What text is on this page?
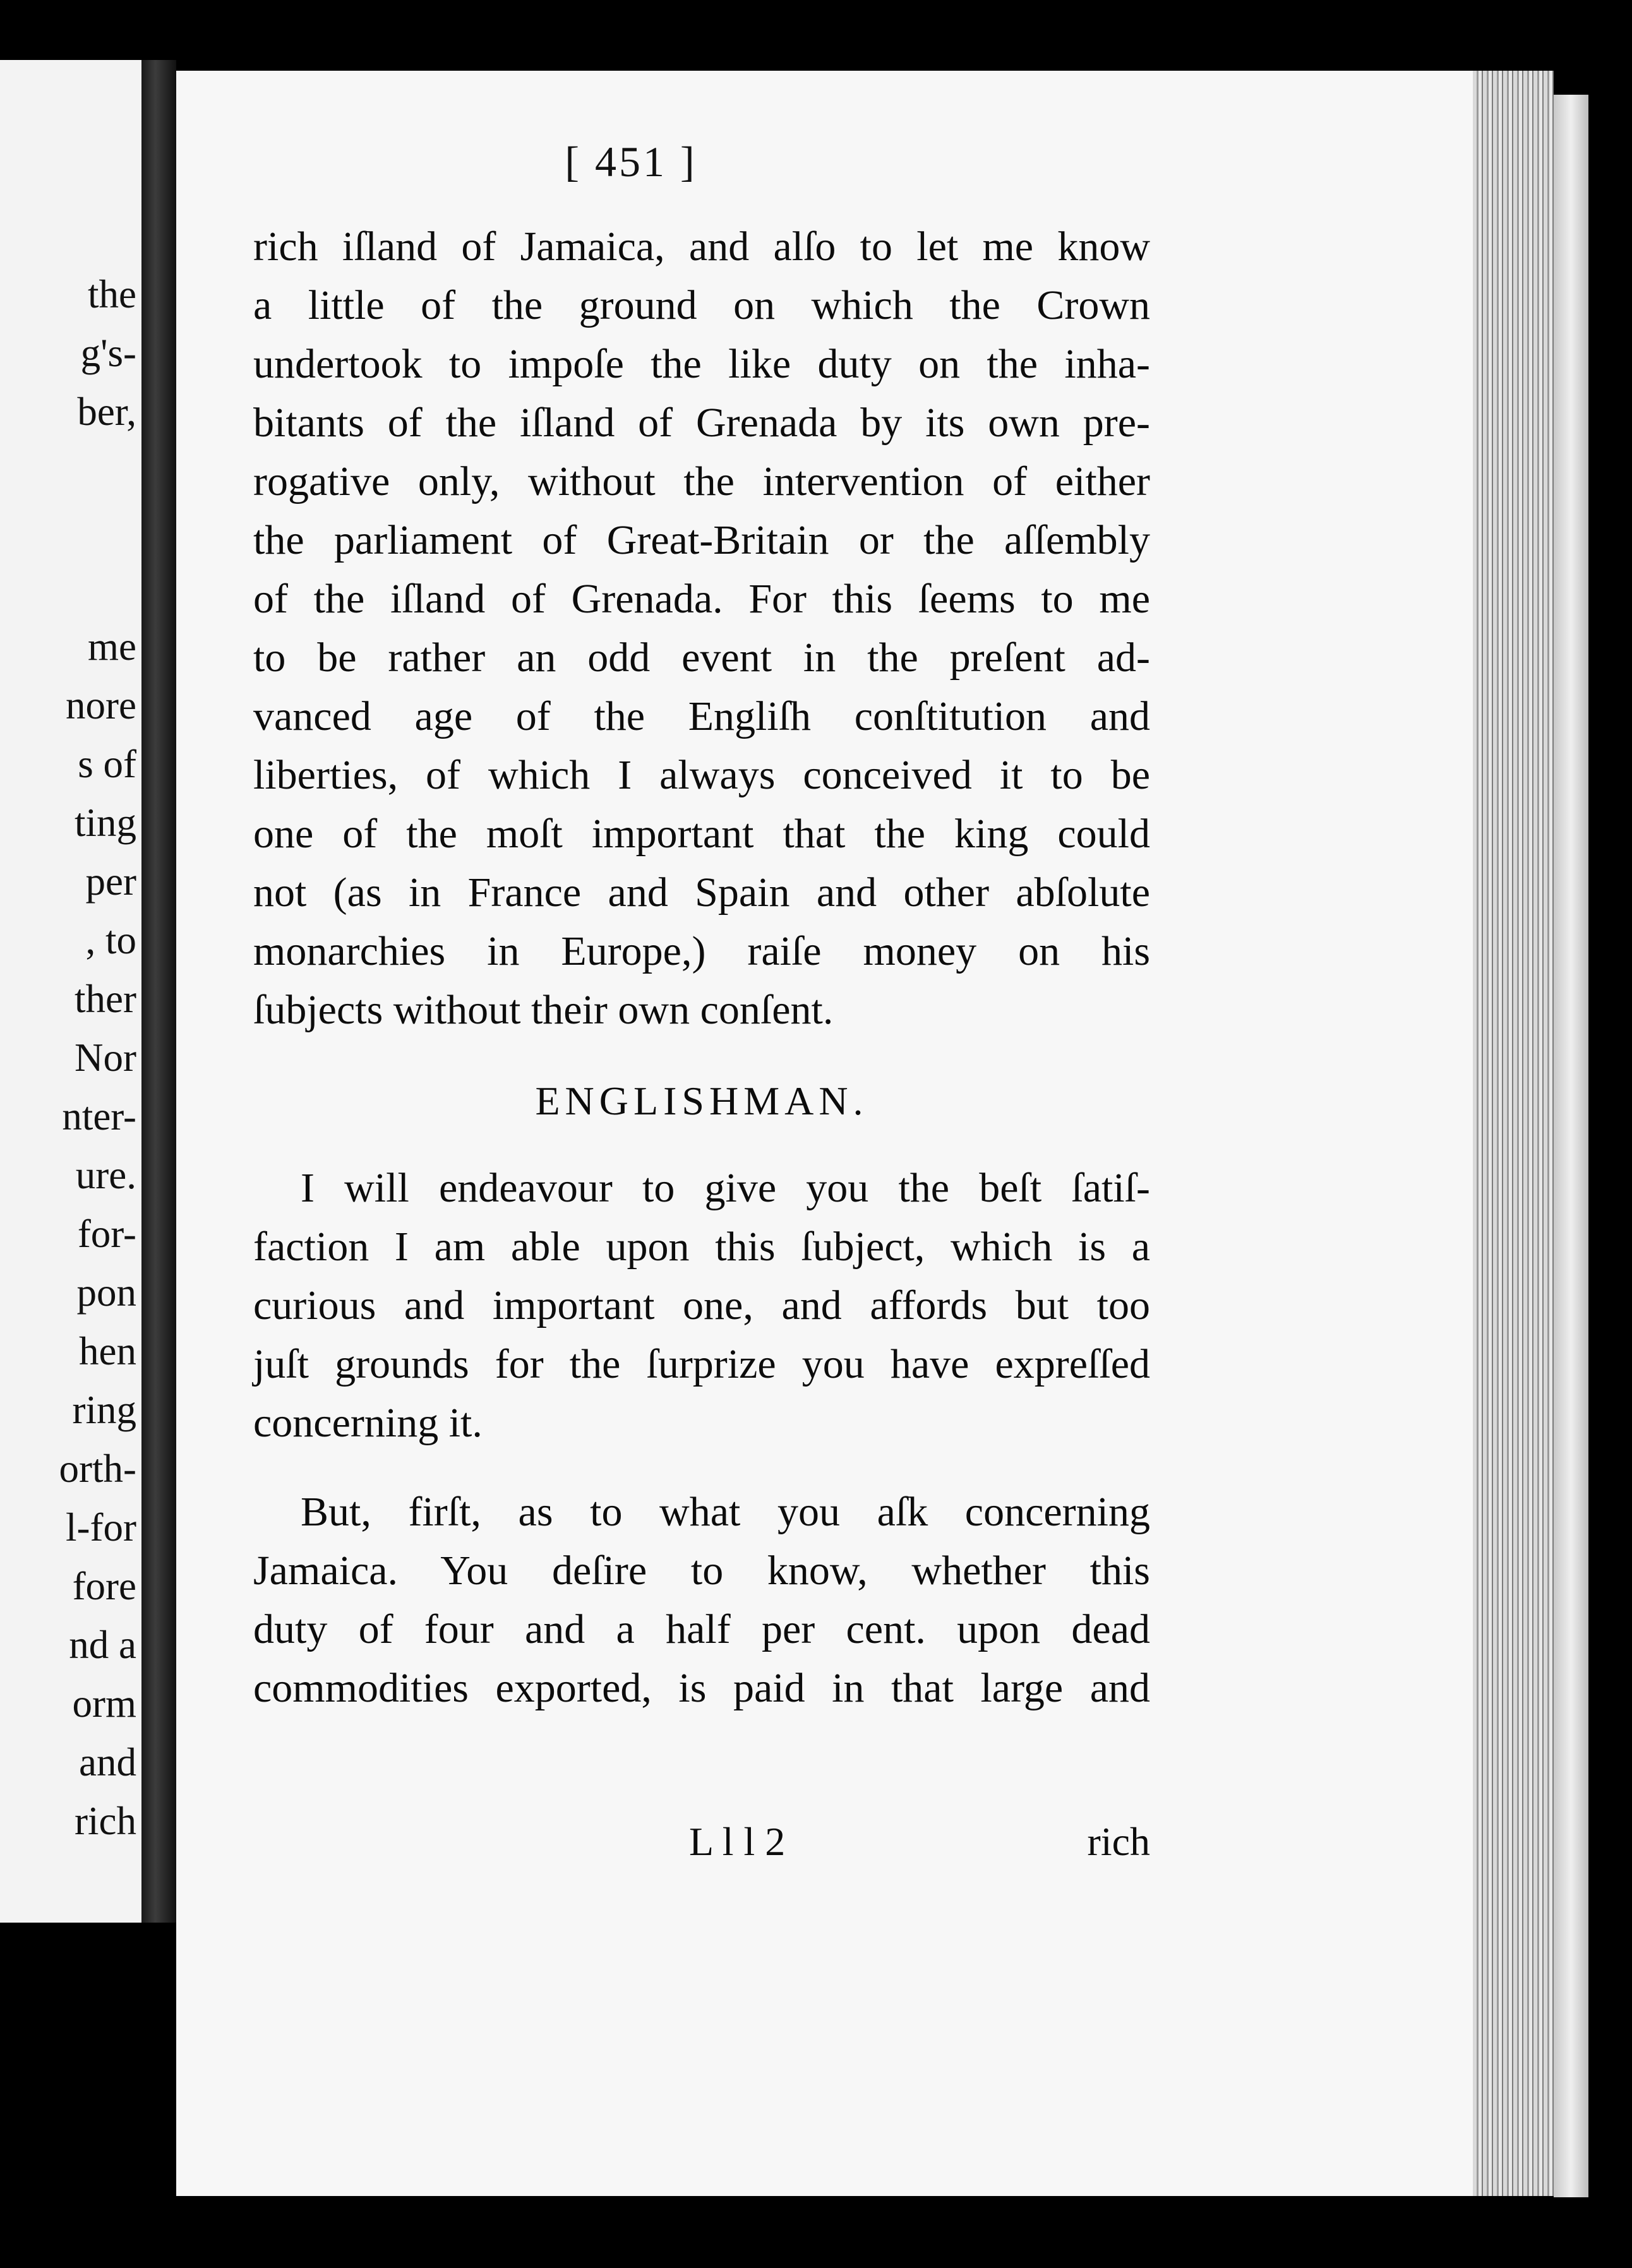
the
g's-
ber,

me
nore
s of
ting
per
, to
ther
Nor
nter-
ure.
for-
pon
hen
ring
orth-
l-for
fore
nd a
orm
and
rich
[ 451 ]
rich iſland of Jamaica, and alſo to let me know
a little of the ground on which the Crown
undertook to impoſe the like duty on the inha-
bitants of the iſland of Grenada by its own pre-
rogative only, without the intervention of either
the parliament of Great-Britain or the aſſembly
of the iſland of Grenada. For this ſeems to me
to be rather an odd event in the preſent ad-
vanced age of the Engliſh conſtitution and
liberties, of which I always conceived it to be
one of the moſt important that the king could
not (as in France and Spain and other abſolute
monarchies in Europe,) raiſe money on his
ſubjects without their own conſent.
ENGLISHMAN.
I will endeavour to give you the beſt ſatiſ-
faction I am able upon this ſubject, which is a
curious and important one, and affords but too
juſt grounds for the ſurprize you have expreſſed
concerning it.
But, firſt, as to what you aſk concerning
Jamaica. You deſire to know, whether this
duty of four and a half per cent. upon dead
commodities exported, is paid in that large and
L l l 2	rich
